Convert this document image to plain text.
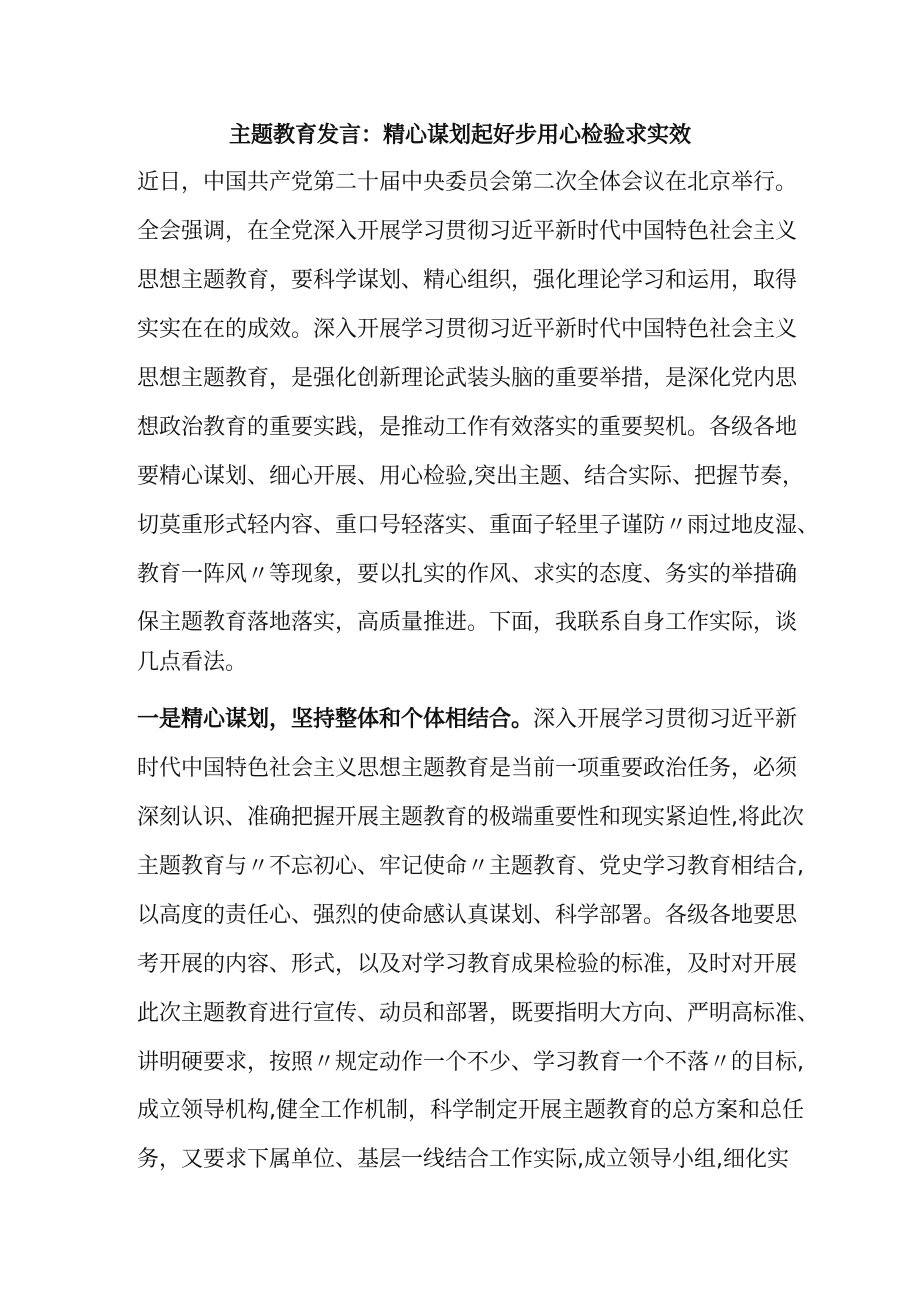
主题教育发言：精心谋划起好步用心检验求实效

近日，中国共产党第二十届中央委员会第二次全体会议在北京举行。

全会强调，在全党深入开展学习贯彻习近平新时代中国特色社会主义

思想主题教育，要科学谋划、精心组织，强化理论学习和运用，取得

实实在在的成效。深入开展学习贯彻习近平新时代中国特色社会主义

思想主题教育，是强化创新理论武装头脑的重要举措，是深化党内思

想政治教育的重要实践，是推动工作有效落实的重要契机。各级各地

要精心谋划、细心开展、用心检验,突出主题、结合实际、把握节奏，

切莫重形式轻内容、重口号轻落实、重面子轻里子谨防〃雨过地皮湿、

教育一阵风〃等现象，要以扎实的作风、求实的态度、务实的举措确

保主题教育落地落实，高质量推进。下面，我联系自身工作实际，谈

几点看法。

一是精心谋划，坚持整体和个体相结合。深入开展学习贯彻习近平新

时代中国特色社会主义思想主题教育是当前一项重要政治任务，必须

深刻认识、准确把握开展主题教育的极端重要性和现实紧迫性,将此次

主题教育与〃不忘初心、牢记使命〃主题教育、党史学习教育相结合,

以高度的责任心、强烈的使命感认真谋划、科学部署。各级各地要思

考开展的内容、形式，以及对学习教育成果检验的标准，及时对开展

此次主题教育进行宣传、动员和部署，既要指明大方向、严明高标准、

讲明硬要求，按照〃规定动作一个不少、学习教育一个不落〃的目标,

成立领导机构,健全工作机制，科学制定开展主题教育的总方案和总任

务，又要求下属单位、基层一线结合工作实际,成立领导小组,细化实
